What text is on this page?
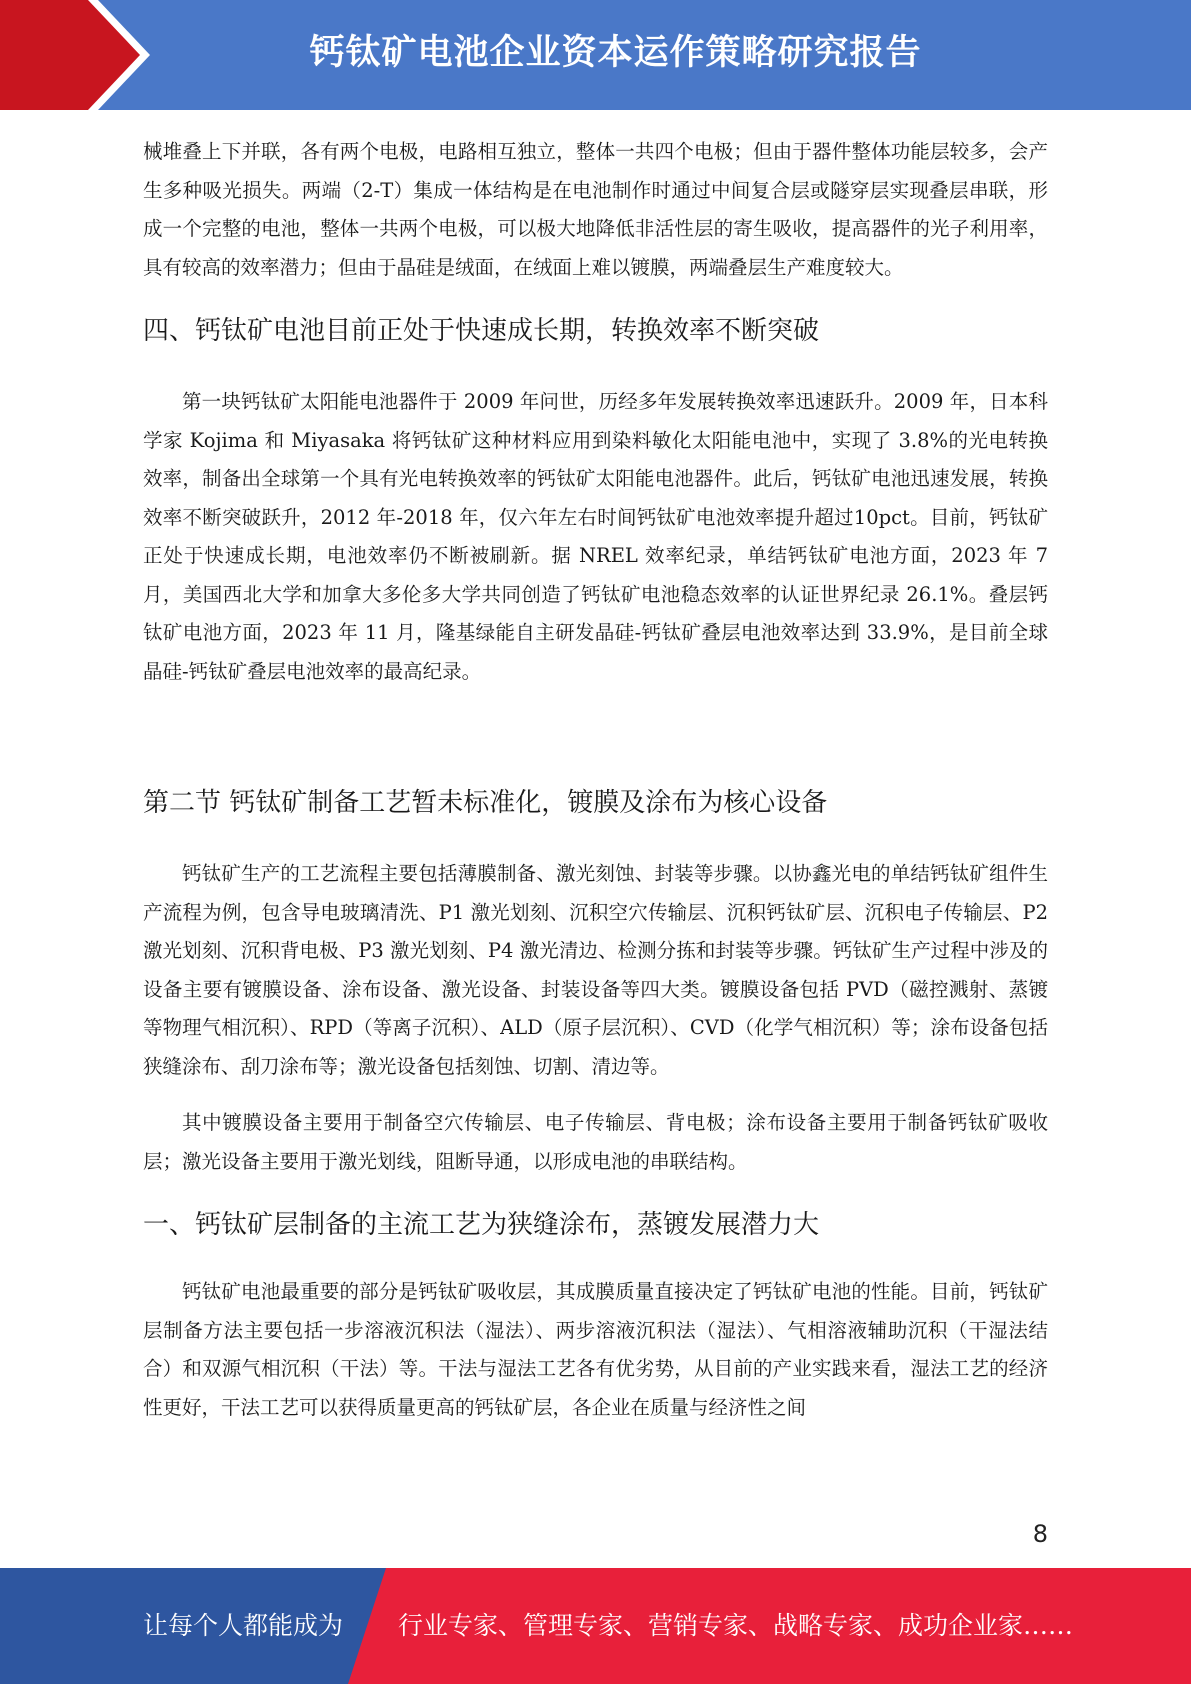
钙钛矿电池企业资本运作策略研究报告

械堆叠上下并联，各有两个电极，电路相互独立，整体一共四个电极；但由于器件整体功能层较多，会产生多种吸光损失。两端（2-T）集成一体结构是在电池制作时通过中间复合层或隧穿层实现叠层串联，形成一个完整的电池，整体一共两个电极，可以极大地降低非活性层的寄生吸收，提高器件的光子利用率，具有较高的效率潜力；但由于晶硅是绒面，在绒面上难以镀膜，两端叠层生产难度较大。

四、钙钛矿电池目前正处于快速成长期，转换效率不断突破

第一块钙钛矿太阳能电池器件于 2009 年问世，历经多年发展转换效率迅速跃升。2009 年，日本科学家 Kojima 和 Miyasaka 将钙钛矿这种材料应用到染料敏化太阳能电池中，实现了 3.8%的光电转换效率，制备出全球第一个具有光电转换效率的钙钛矿太阳能电池器件。此后，钙钛矿电池迅速发展，转换效率不断突破跃升，2012 年-2018 年，仅六年左右时间钙钛矿电池效率提升超过10pct。目前，钙钛矿正处于快速成长期，电池效率仍不断被刷新。据 NREL 效率纪录，单结钙钛矿电池方面，2023 年 7 月，美国西北大学和加拿大多伦多大学共同创造了钙钛矿电池稳态效率的认证世界纪录 26.1%。叠层钙钛矿电池方面，2023 年 11 月，隆基绿能自主研发晶硅-钙钛矿叠层电池效率达到 33.9%，是目前全球晶硅-钙钛矿叠层电池效率的最高纪录。

第二节 钙钛矿制备工艺暂未标准化，镀膜及涂布为核心设备

钙钛矿生产的工艺流程主要包括薄膜制备、激光刻蚀、封装等步骤。以协鑫光电的单结钙钛矿组件生产流程为例，包含导电玻璃清洗、P1 激光划刻、沉积空穴传输层、沉积钙钛矿层、沉积电子传输层、P2 激光划刻、沉积背电极、P3 激光划刻、P4 激光清边、检测分拣和封装等步骤。钙钛矿生产过程中涉及的设备主要有镀膜设备、涂布设备、激光设备、封装设备等四大类。镀膜设备包括 PVD（磁控溅射、蒸镀等物理气相沉积）、RPD（等离子沉积）、ALD（原子层沉积）、CVD（化学气相沉积）等；涂布设备包括狭缝涂布、刮刀涂布等；激光设备包括刻蚀、切割、清边等。

其中镀膜设备主要用于制备空穴传输层、电子传输层、背电极；涂布设备主要用于制备钙钛矿吸收层；激光设备主要用于激光划线，阻断导通，以形成电池的串联结构。

一、钙钛矿层制备的主流工艺为狭缝涂布，蒸镀发展潜力大

钙钛矿电池最重要的部分是钙钛矿吸收层，其成膜质量直接决定了钙钛矿电池的性能。目前，钙钛矿层制备方法主要包括一步溶液沉积法（湿法）、两步溶液沉积法（湿法）、气相溶液辅助沉积（干湿法结合）和双源气相沉积（干法）等。干法与湿法工艺各有优劣势，从目前的产业实践来看，湿法工艺的经济性更好，干法工艺可以获得质量更高的钙钛矿层，各企业在质量与经济性之间

8
让每个人都能成为 行业专家、管理专家、营销专家、战略专家、成功企业家……
